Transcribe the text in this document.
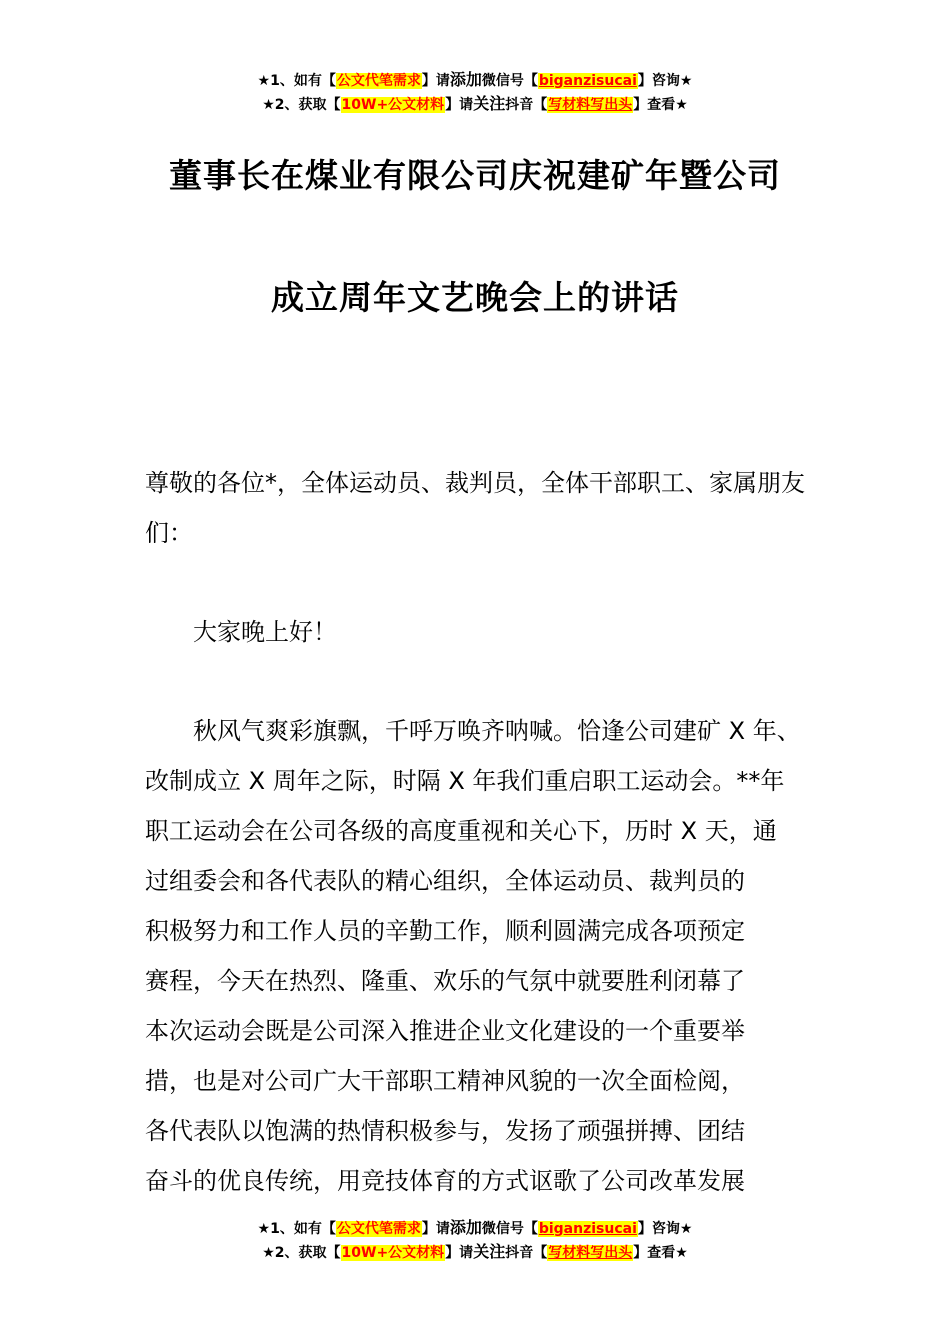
★1、如有【公文代笔需求】请添加微信号【biganzisucai】咨询★
★2、获取【10W+公文材料】请关注抖音【写材料写出头】查看★
董事长在煤业有限公司庆祝建矿年暨公司
成立周年文艺晚会上的讲话
尊敬的各位*，全体运动员、裁判员，全体干部职工、家属朋友们：
大家晚上好！
秋风气爽彩旗飘，千呼万唤齐呐喊。恰逢公司建矿 X 年、
改制成立 X 周年之际，时隔 X 年我们重启职工运动会。**年
职工运动会在公司各级的高度重视和关心下，历时 X 天，通
过组委会和各代表队的精心组织，全体运动员、裁判员的
积极努力和工作人员的辛勤工作，顺利圆满完成各项预定
赛程，今天在热烈、隆重、欢乐的气氛中就要胜利闭幕了
本次运动会既是公司深入推进企业文化建设的一个重要举
措，也是对公司广大干部职工精神风貌的一次全面检阅，
各代表队以饱满的热情积极参与，发扬了顽强拼搏、团结
奋斗的优良传统，用竞技体育的方式讴歌了公司改革发展
★1、如有【公文代笔需求】请添加微信号【biganzisucai】咨询★
★2、获取【10W+公文材料】请关注抖音【写材料写出头】查看★
